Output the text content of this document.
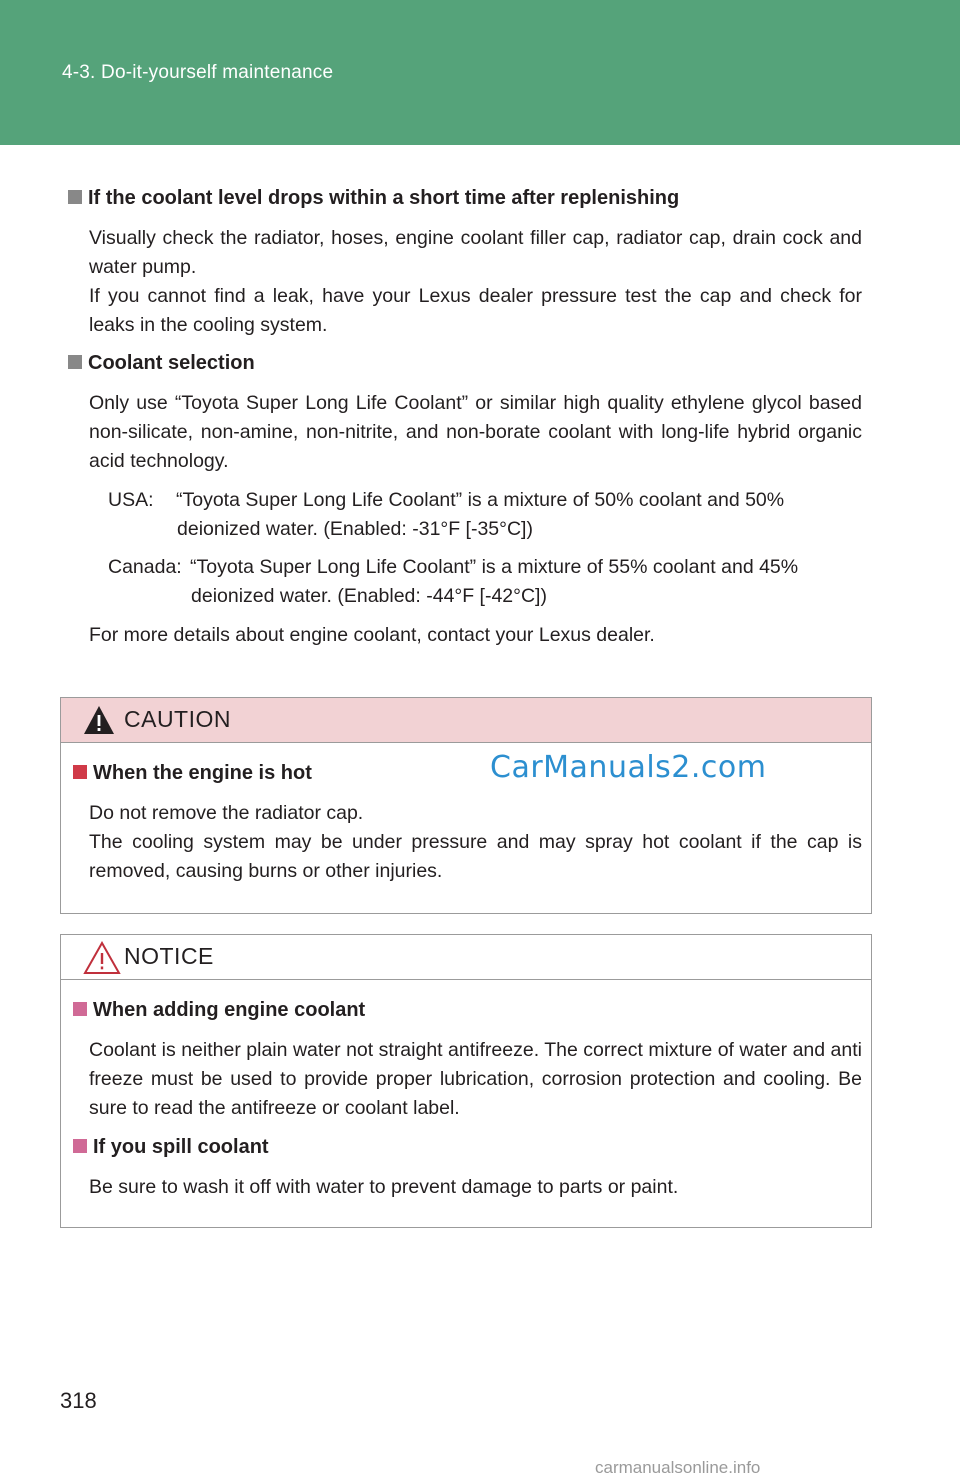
4-3. Do-it-yourself maintenance
If the coolant level drops within a short time after replenishing

Visually check the radiator, hoses, engine coolant filler cap, radiator cap, drain cock and water pump.

If you cannot find a leak, have your Lexus dealer pressure test the cap and check for leaks in the cooling system.

Coolant selection

Only use “Toyota Super Long Life Coolant” or similar high quality ethylene glycol based non-silicate, non-amine, non-nitrite, and non-borate coolant with long-life hybrid organic acid technology.

USA: “Toyota Super Long Life Coolant” is a mixture of 50% coolant and 50%
deionized water. (Enabled: -31°F [-35°C])
Canada: “Toyota Super Long Life Coolant” is a mixture of 55% coolant and 45%
deionized water. (Enabled: -44°F [-42°C])
For more details about engine coolant, contact your Lexus dealer.
CAUTION
When the engine is hot

Do not remove the radiator cap.

The cooling system may be under pressure and may spray hot coolant if the cap is removed, causing burns or other injuries.

CarManuals2.com
NOTICE
When adding engine coolant
Coolant is neither plain water not straight antifreeze. The correct mixture of water and anti freeze must be used to provide proper lubrication, corrosion protection and cooling. Be sure to read the antifreeze or coolant label.
If you spill coolant
Be sure to wash it off with water to prevent damage to parts or paint.
318
carmanualsonline.info
